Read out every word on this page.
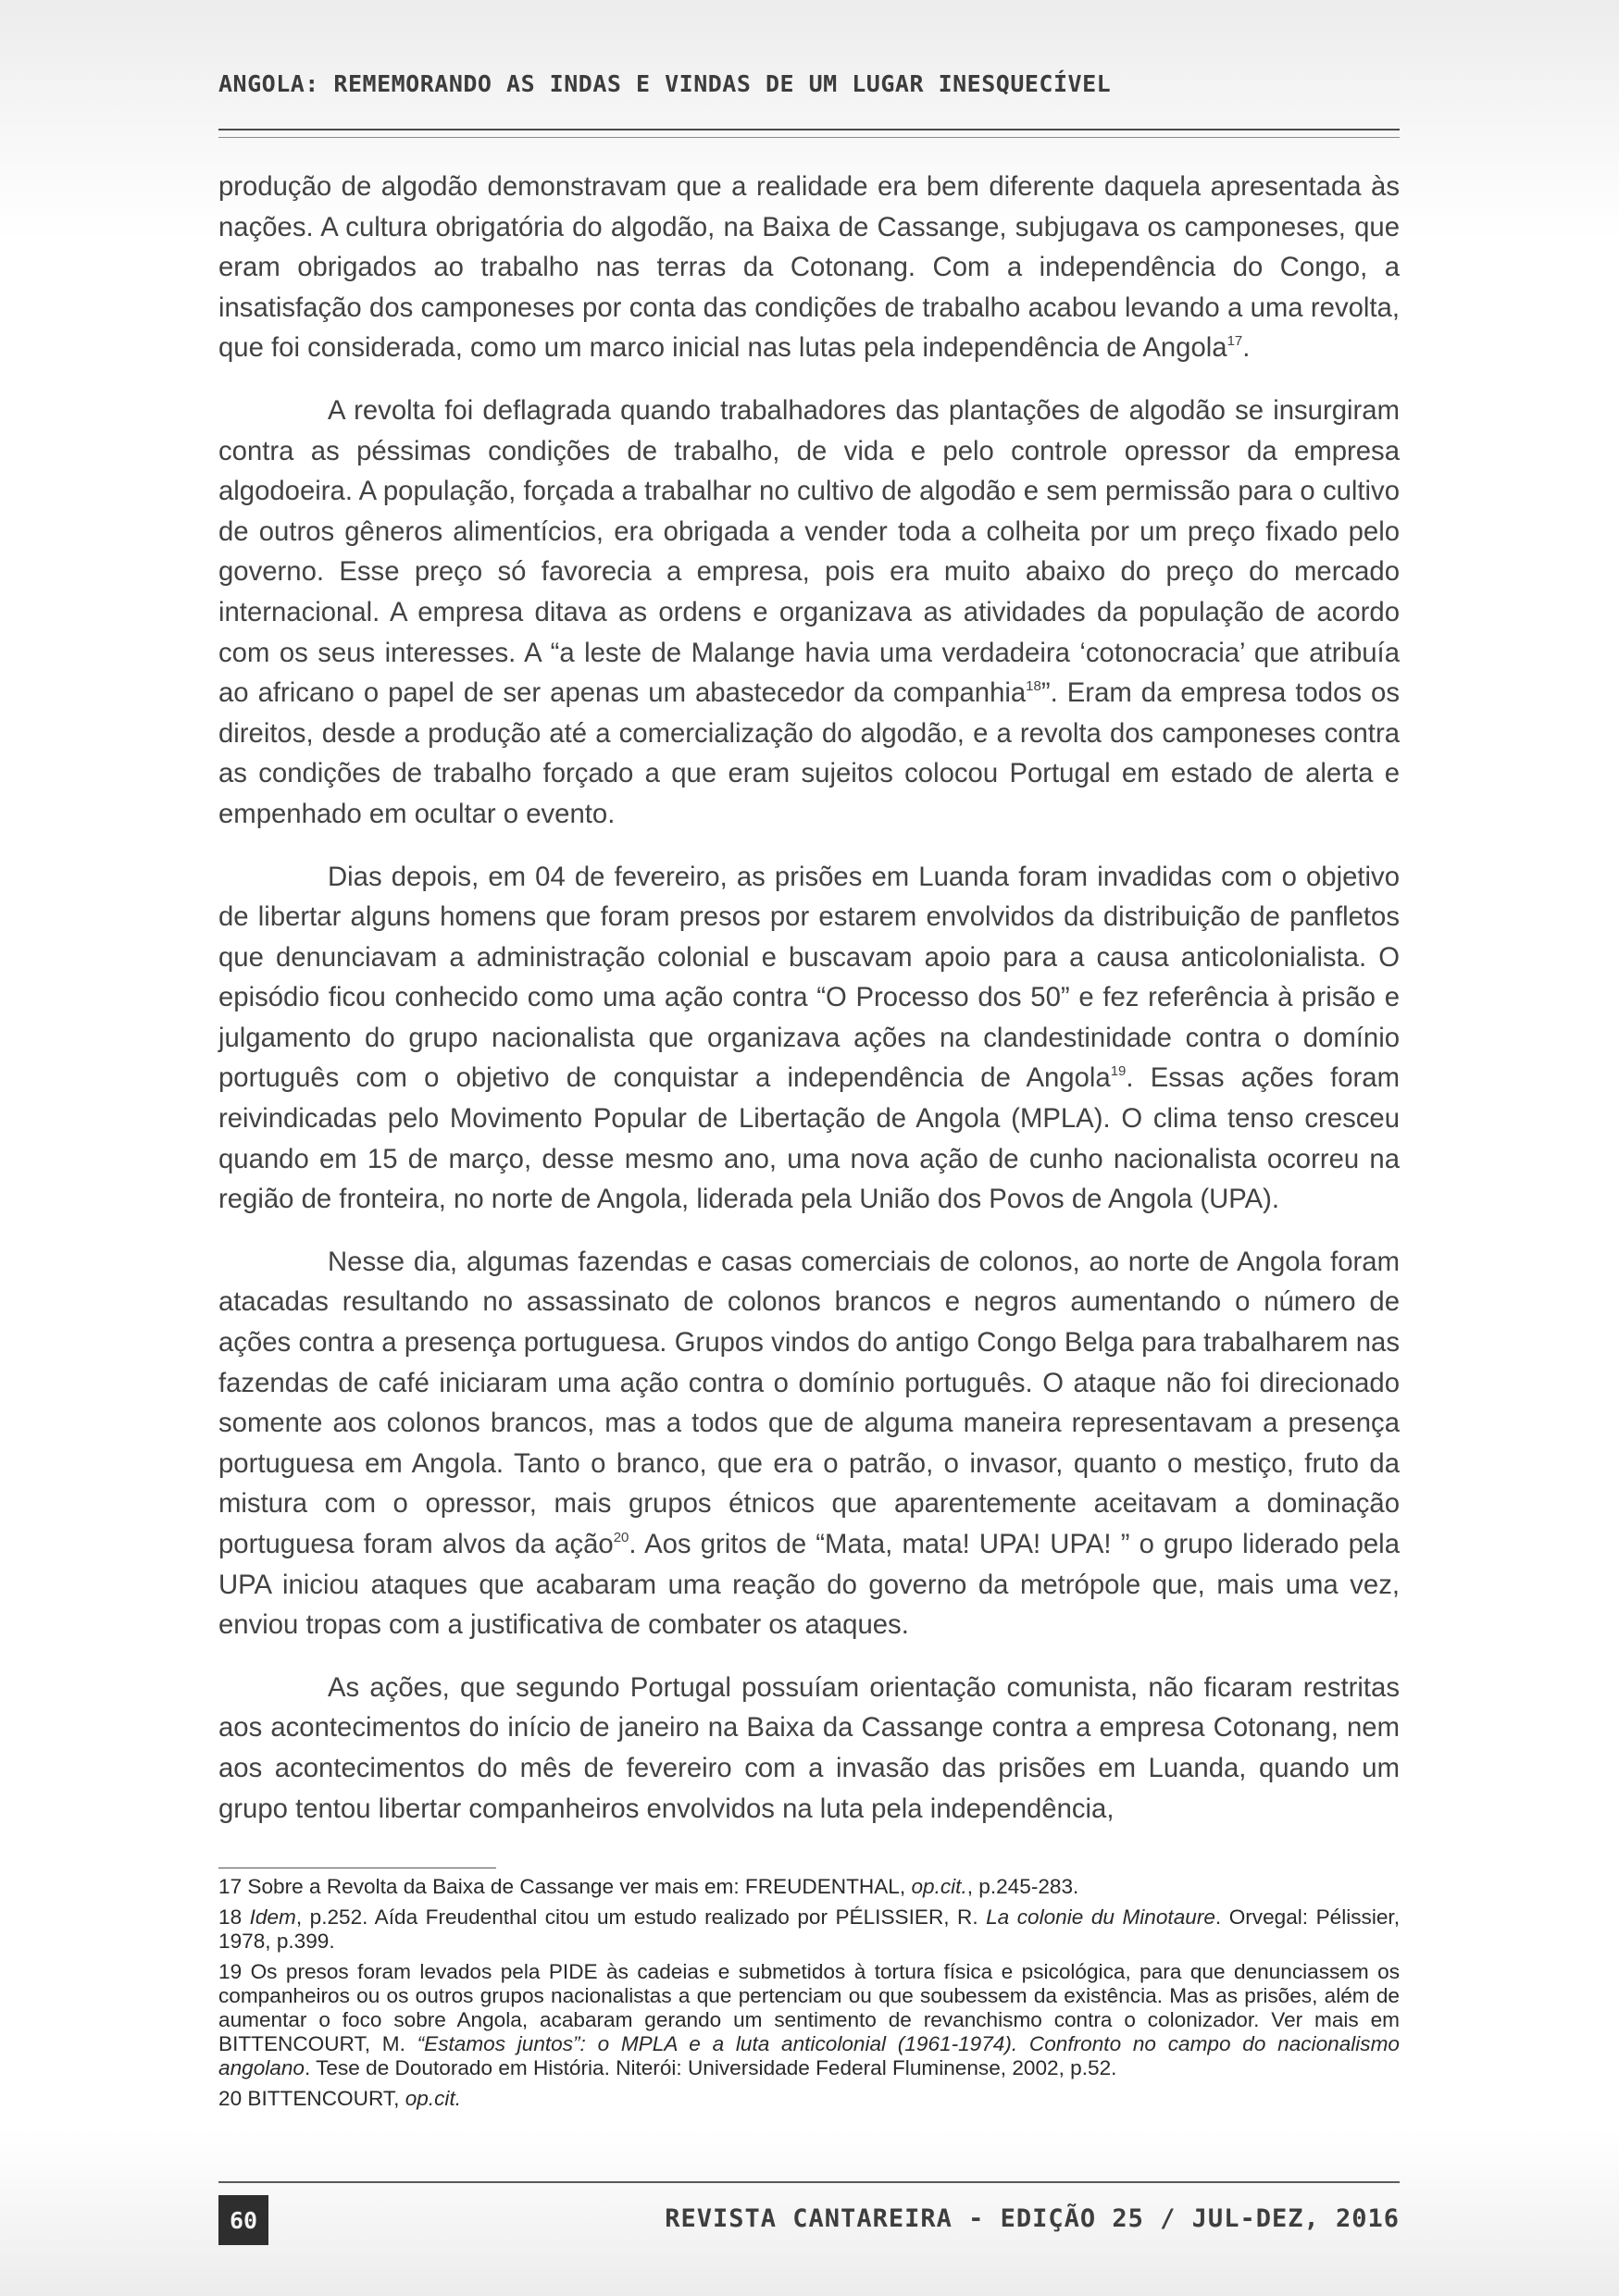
ANGOLA: REMEMORANDO AS INDAS E VINDAS DE UM LUGAR INESQUECÍVEL

produção de algodão demonstravam que a realidade era bem diferente daquela apresentada às nações. A cultura obrigatória do algodão, na Baixa de Cassange, subjugava os camponeses, que eram obrigados ao trabalho nas terras da Cotonang. Com a independência do Congo, a insatisfação dos camponeses por conta das condições de trabalho acabou levando a uma revolta, que foi considerada, como um marco inicial nas lutas pela independência de Angola$^{17}$.

A revolta foi deflagrada quando trabalhadores das plantações de algodão se insurgiram contra as péssimas condições de trabalho, de vida e pelo controle opressor da empresa algodoeira. A população, forçada a trabalhar no cultivo de algodão e sem permissão para o cultivo de outros gêneros alimentícios, era obrigada a vender toda a colheita por um preço fixado pelo governo. Esse preço só favorecia a empresa, pois era muito abaixo do preço do mercado internacional. A empresa ditava as ordens e organizava as atividades da população de acordo com os seus interesses. A “a leste de Malange havia uma verdadeira ‘cotonocracia’ que atribuía ao africano o papel de ser apenas um abastecedor da companhia$^{18}$”. Eram da empresa todos os direitos, desde a produção até a comercialização do algodão, e a revolta dos camponeses contra as condições de trabalho forçado a que eram sujeitos colocou Portugal em estado de alerta e empenhado em ocultar o evento.

Dias depois, em 04 de fevereiro, as prisões em Luanda foram invadidas com o objetivo de libertar alguns homens que foram presos por estarem envolvidos da distribuição de panfletos que denunciavam a administração colonial e buscavam apoio para a causa anticolonialista. O episódio ficou conhecido como uma ação contra “O Processo dos 50” e fez referência à prisão e julgamento do grupo nacionalista que organizava ações na clandestinidade contra o domínio português com o objetivo de conquistar a independência de Angola$^{19}$. Essas ações foram reivindicadas pelo Movimento Popular de Libertação de Angola (MPLA). O clima tenso cresceu quando em 15 de março, desse mesmo ano, uma nova ação de cunho nacionalista ocorreu na região de fronteira, no norte de Angola, liderada pela União dos Povos de Angola (UPA).

Nesse dia, algumas fazendas e casas comerciais de colonos, ao norte de Angola foram atacadas resultando no assassinato de colonos brancos e negros aumentando o número de ações contra a presença portuguesa. Grupos vindos do antigo Congo Belga para trabalharem nas fazendas de café iniciaram uma ação contra o domínio português. O ataque não foi direcionado somente aos colonos brancos, mas a todos que de alguma maneira representavam a presença portuguesa em Angola. Tanto o branco, que era o patrão, o invasor, quanto o mestiço, fruto da mistura com o opressor, mais grupos étnicos que aparentemente aceitavam a dominação portuguesa foram alvos da ação$^{20}$. Aos gritos de “Mata, mata! UPA! UPA! ” o grupo liderado pela UPA iniciou ataques que acabaram uma reação do governo da metrópole que, mais uma vez, enviou tropas com a justificativa de combater os ataques.

As ações, que segundo Portugal possuíam orientação comunista, não ficaram restritas aos acontecimentos do início de janeiro na Baixa da Cassange contra a empresa Cotonang, nem aos acontecimentos do mês de fevereiro com a invasão das prisões em Luanda, quando um grupo tentou libertar companheiros envolvidos na luta pela independência,

17 Sobre a Revolta da Baixa de Cassange ver mais em: FREUDENTHAL, op.cit., p.245-283.
18 Idem, p.252. Aída Freudenthal citou um estudo realizado por PÉLISSIER, R. La colonie du Minotaure. Orvegal: Pélissier, 1978, p.399.
19 Os presos foram levados pela PIDE às cadeias e submetidos à tortura física e psicológica, para que denunciassem os companheiros ou os outros grupos nacionalistas a que pertenciam ou que soubessem da existência. Mas as prisões, além de aumentar o foco sobre Angola, acabaram gerando um sentimento de revanchismo contra o colonizador. Ver mais em BITTENCOURT, M. “Estamos juntos”: o MPLA e a luta anticolonial (1961-1974). Confronto no campo do nacionalismo angolano. Tese de Doutorado em História. Niterói: Universidade Federal Fluminense, 2002, p.52.
20 BITTENCOURT, op.cit.
60	REVISTA CANTAREIRA - EDIÇÃO 25 / JUL-DEZ, 2016
